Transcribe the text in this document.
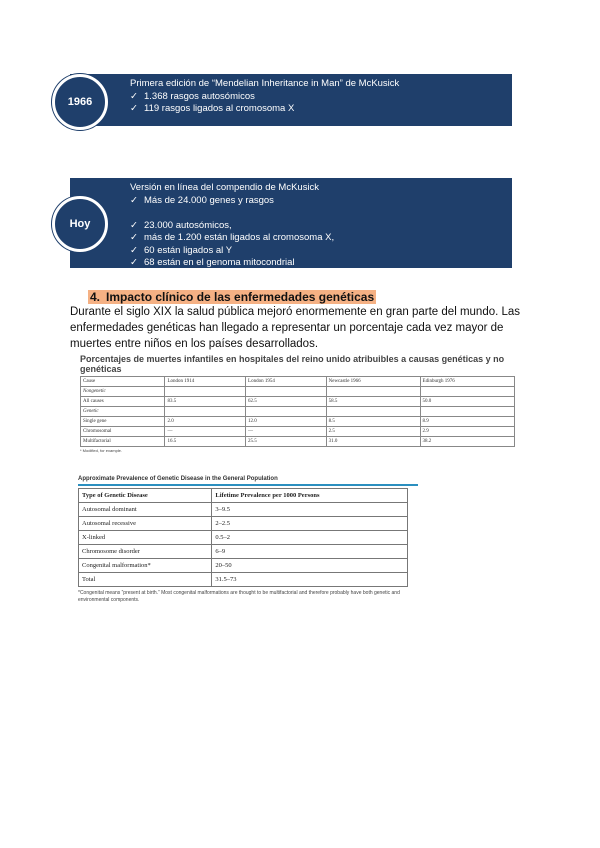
1966
Primera edición de “Mendelian Inheritance in Man” de McKusick
✓ 1.368 rasgos autosómicos
✓ 119 rasgos ligados al cromosoma X
Hoy
Versión en línea del compendio de McKusick
✓ Más de 24.000 genes y rasgos

✓ 23.000 autosómicos,
✓ más de 1.200 están ligados al cromosoma X,
✓ 60 están ligados al Y
✓ 68 están en el genoma mitocondrial
4. Impacto clínico de las enfermedades genéticas
Durante el siglo XIX la salud pública mejoró enormemente en gran parte del mundo. Las enfermedades genéticas han llegado a representar un porcentaje cada vez mayor de muertes entre niños en los países desarrollados.
Porcentajes de muertes infantiles en hospitales del reino unido atribuibles a causas genéticas y no genéticas
Cause	London 1914	London 1954	Newcastle 1966	Edinburgh 1976
Nongenetic				
All causes	83.5	62.5	58.5	50.0
Genetic				
Single gene	2.0	12.0	8.5	8.9
Chromosomal	—	—	2.5	2.9
Multifactorial	16.5	25.5	31.0	38.2
* Modified, for example.
Approximate Prevalence of Genetic Disease in the General Population
Type of Genetic Disease	Lifetime Prevalence per 1000 Persons
Autosomal dominant	3–9.5
Autosomal recessive	2–2.5
X-linked	0.5–2
Chromosome disorder	6–9
Congenital malformation*	20–50
Total	31.5–73
*Congenital means “present at birth.” Most congenital malformations are thought to be multifactorial and therefore probably have both genetic and environmental components.
